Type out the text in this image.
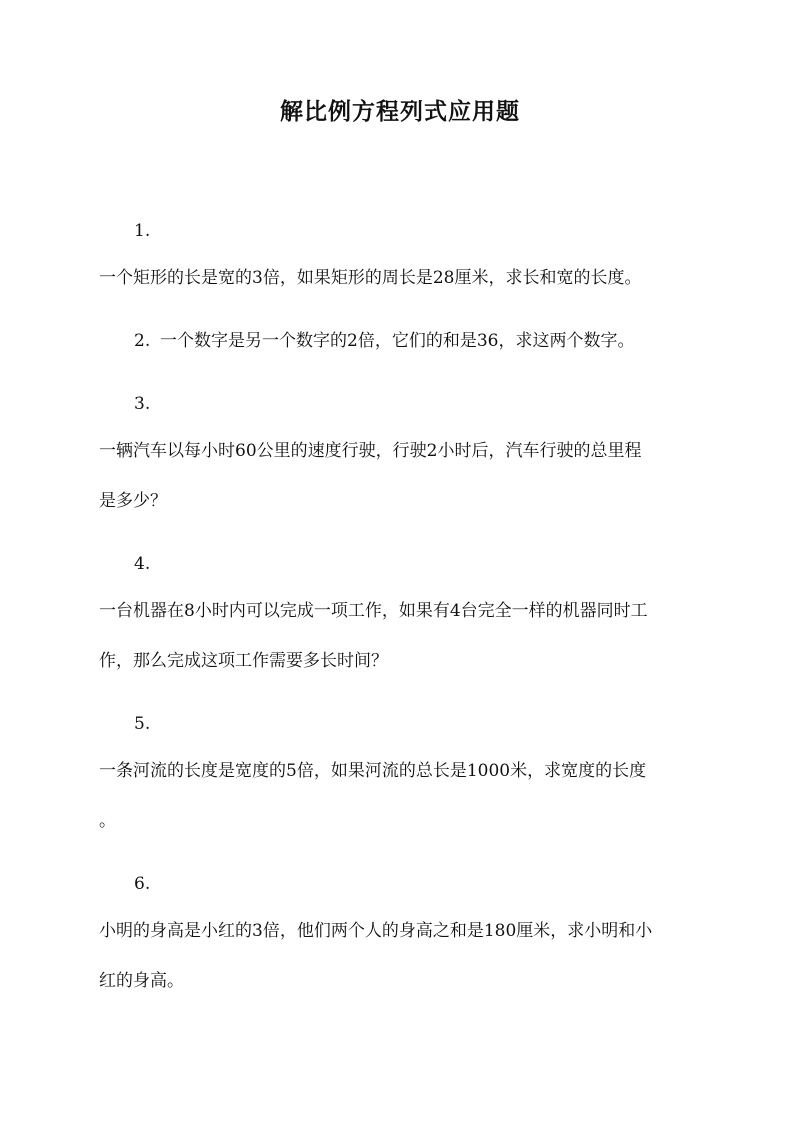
解比例方程列式应用题
1.
一个矩形的长是宽的3倍，如果矩形的周长是28厘米，求长和宽的长度。
2. 一个数字是另一个数字的2倍，它们的和是36，求这两个数字。
3.
一辆汽车以每小时60公里的速度行驶，行驶2小时后，汽车行驶的总里程
是多少？
4.
一台机器在8小时内可以完成一项工作，如果有4台完全一样的机器同时工
作，那么完成这项工作需要多长时间？
5.
一条河流的长度是宽度的5倍，如果河流的总长是1000米，求宽度的长度
。
6.
小明的身高是小红的3倍，他们两个人的身高之和是180厘米，求小明和小
红的身高。
